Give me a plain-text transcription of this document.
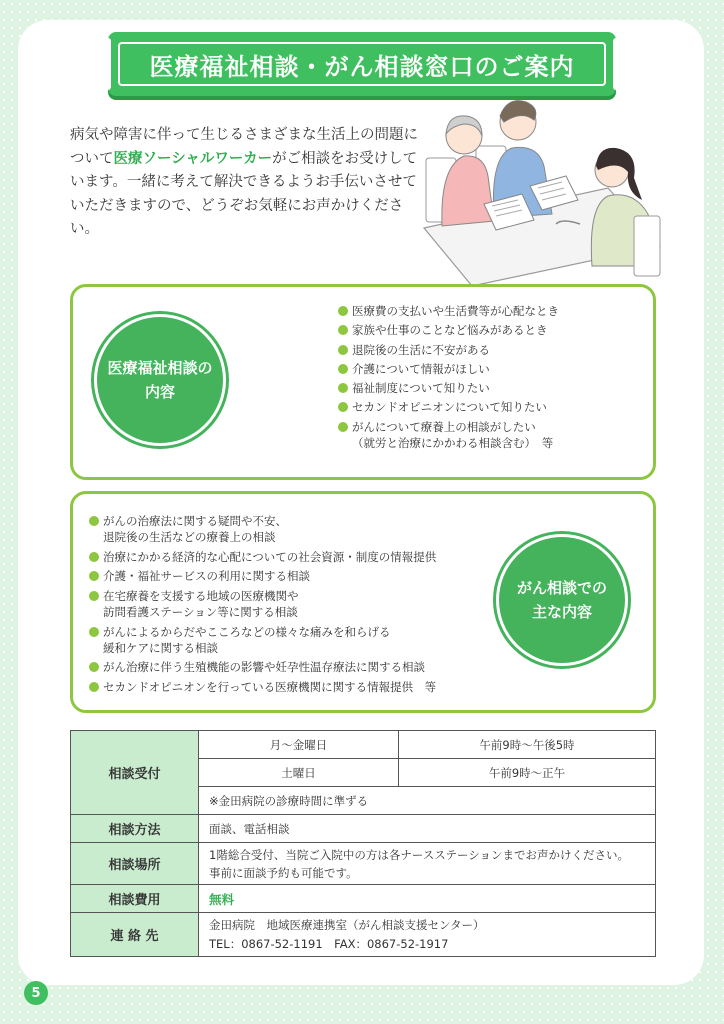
医療福祉相談・がん相談窓口のご案内

病気や障害に伴って生じるさまざまな生活上の問題について医療ソーシャルワーカーがご相談をお受けしています。一緒に考えて解決できるようお手伝いさせていただきますので、どうぞお気軽にお声かけください。

医療福祉相談の
内容
医療費の支払いや生活費等が心配なとき
家族や仕事のことなど悩みがあるとき
退院後の生活に不安がある
介護について情報がほしい
福祉制度について知りたい
セカンドオピニオンについて知りたい
がんについて療養上の相談がしたい
（就労と治療にかかわる相談含む）　等
がん相談での
主な内容
がんの治療法に関する疑問や不安、
退院後の生活などの療養上の相談
治療にかかる経済的な心配についての社会資源・制度の情報提供
介護・福祉サービスの利用に関する相談
在宅療養を支援する地域の医療機関や
訪問看護ステーション等に関する相談
がんによるからだやこころなどの様々な痛みを和らげる
緩和ケアに関する相談
がん治療に伴う生殖機能の影響や妊孕性温存療法に関する相談
セカンドオピニオンを行っている医療機関に関する情報提供　等
相談受付	月～金曜日	午前9時～午後5時
	土曜日	午前9時～正午
	※金田病院の診療時間に準ずる	
相談方法	面談、電話相談	
相談場所	1階総合受付、当院ご入院中の方は各ナースステーションまでお声かけください。
事前に面談予約も可能です。	

相談費用	無料	
連 絡 先	金田病院　地域医療連携室（がん相談支援センター）
TEL：0867-52-1191　FAX：0867-52-1917	
5
